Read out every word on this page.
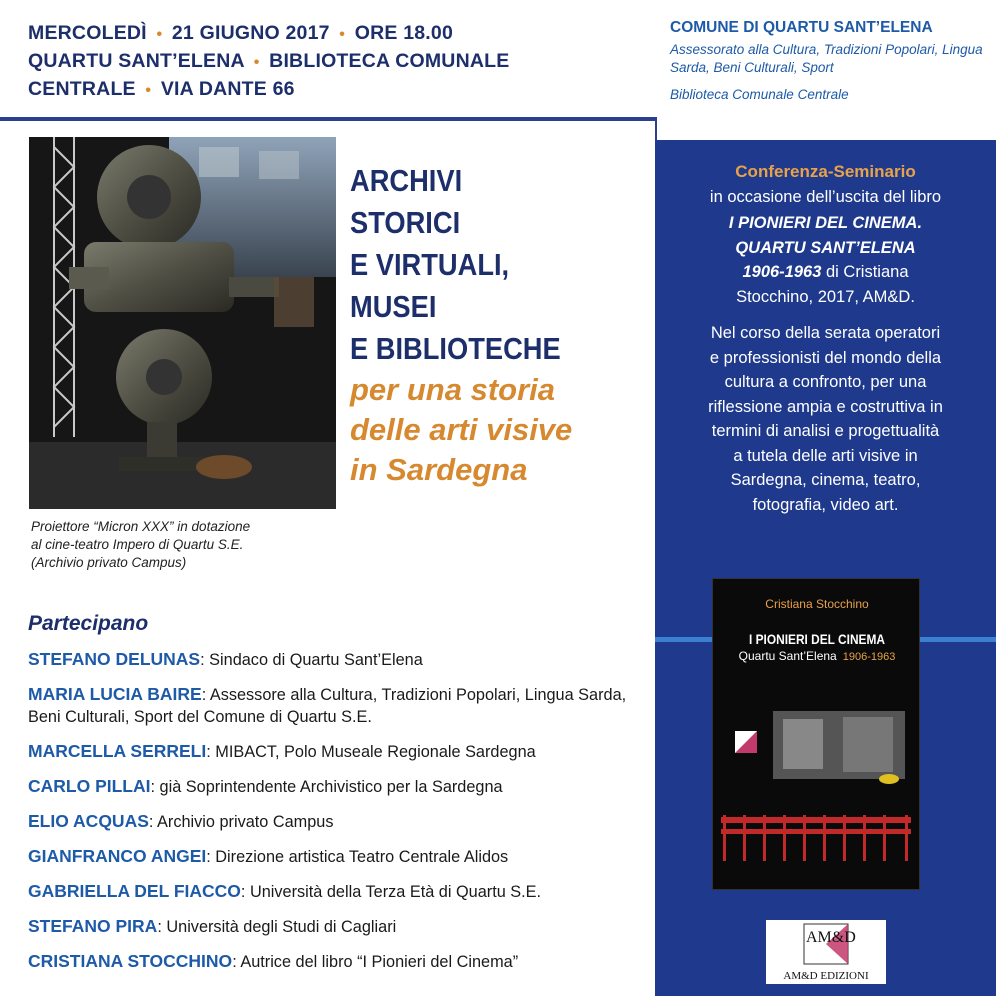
MERCOLEDÌ • 21 GIUGNO 2017 • ORE 18.00
QUARTU SANT’ELENA • BIBLIOTECA COMUNALE
CENTRALE • VIA DANTE 66
COMUNE DI QUARTU SANT’ELENA
Assessorato alla Cultura, Tradizioni Popolari, Lingua Sarda, Beni Culturali, Sport
Biblioteca Comunale Centrale
Proiettore “Micron XXX” in dotazione
al cine-teatro Impero di Quartu S.E.
(Archivio privato Campus)
ARCHIVI
STORICI
E VIRTUALI,
MUSEI
E BIBLIOTECHE
per una storia
delle arti visive
in Sardegna
Conferenza-Seminario
in occasione dell’uscita del libro
I PIONIERI DEL CINEMA.
QUARTU SANT’ELENA
1906-1963 di Cristiana
Stocchino, 2017, AM&D.
Nel corso della serata operatori
e professionisti del mondo della
cultura a confronto, per una
riflessione ampia e costruttiva in
termini di analisi e progettualità
a tutela delle arti visive in
Sardegna, cinema, teatro,
fotografia, video art.
Cristiana Stocchino
I PIONIERI DEL CINEMA
Quartu Sant’Elena 1906-1963
AM&D
AM&D EDIZIONI
Partecipano
STEFANO DELUNAS: Sindaco di Quartu Sant’Elena
MARIA LUCIA BAIRE: Assessore alla Cultura, Tradizioni Popolari, Lingua Sarda, Beni Culturali, Sport del Comune di Quartu S.E.
MARCELLA SERRELI: MIBACT, Polo Museale Regionale Sardegna
CARLO PILLAI: già Soprintendente Archivistico per la Sardegna
ELIO ACQUAS: Archivio privato Campus
GIANFRANCO ANGEI: Direzione artistica Teatro Centrale Alidos
GABRIELLA DEL FIACCO: Università della Terza Età di Quartu S.E.
STEFANO PIRA: Università degli Studi di Cagliari
CRISTIANA STOCCHINO: Autrice del libro “I Pionieri del Cinema”
